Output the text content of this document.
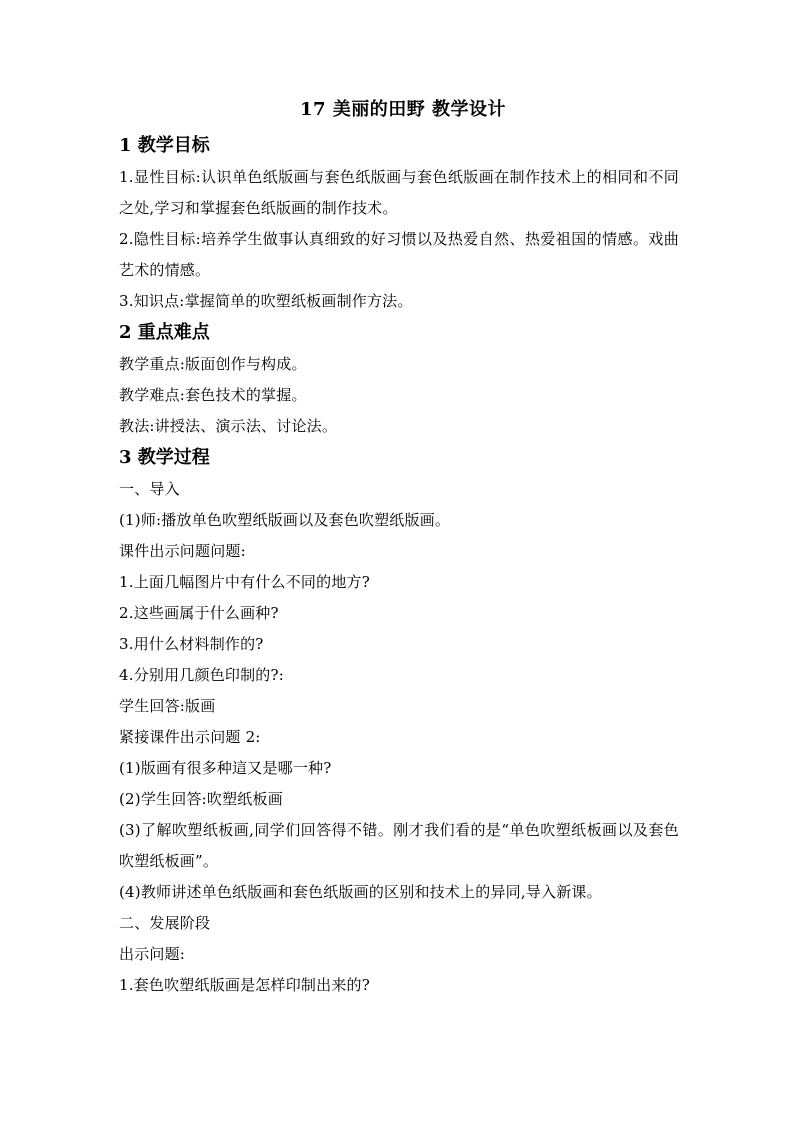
17 美丽的田野 教学设计
1 教学目标

1.显性目标:认识单色纸版画与套色纸版画与套色纸版画在制作技术上的相同和不同之处,学习和掌握套色纸版画的制作技术。

2.隐性目标:培养学生做事认真细致的好习惯以及热爱自然、热爱祖国的情感。戏曲艺术的情感。

3.知识点:掌握简单的吹塑纸板画制作方法。

2 重点难点

教学重点:版面创作与构成。

教学难点:套色技术的掌握。

教法:讲授法、演示法、讨论法。

3 教学过程

一、导入

(1)师:播放单色吹塑纸版画以及套色吹塑纸版画。

课件出示问题问题:

1.上面几幅图片中有什么不同的地方?

2.这些画属于什么画种?

3.用什么材料制作的?

4.分别用几颜色印制的?:

学生回答:版画

紧接课件出示问题 2:

(1)版画有很多种這又是哪一种?

(2)学生回答:吹塑纸板画

(3)了解吹塑纸板画,同学们回答得不错。刚才我们看的是“单色吹塑纸板画以及套色吹塑纸板画”。

(4)教师讲述单色纸版画和套色纸版画的区别和技术上的异同,导入新课。

二、发展阶段

出示问题:

1.套色吹塑纸版画是怎样印制出来的?
